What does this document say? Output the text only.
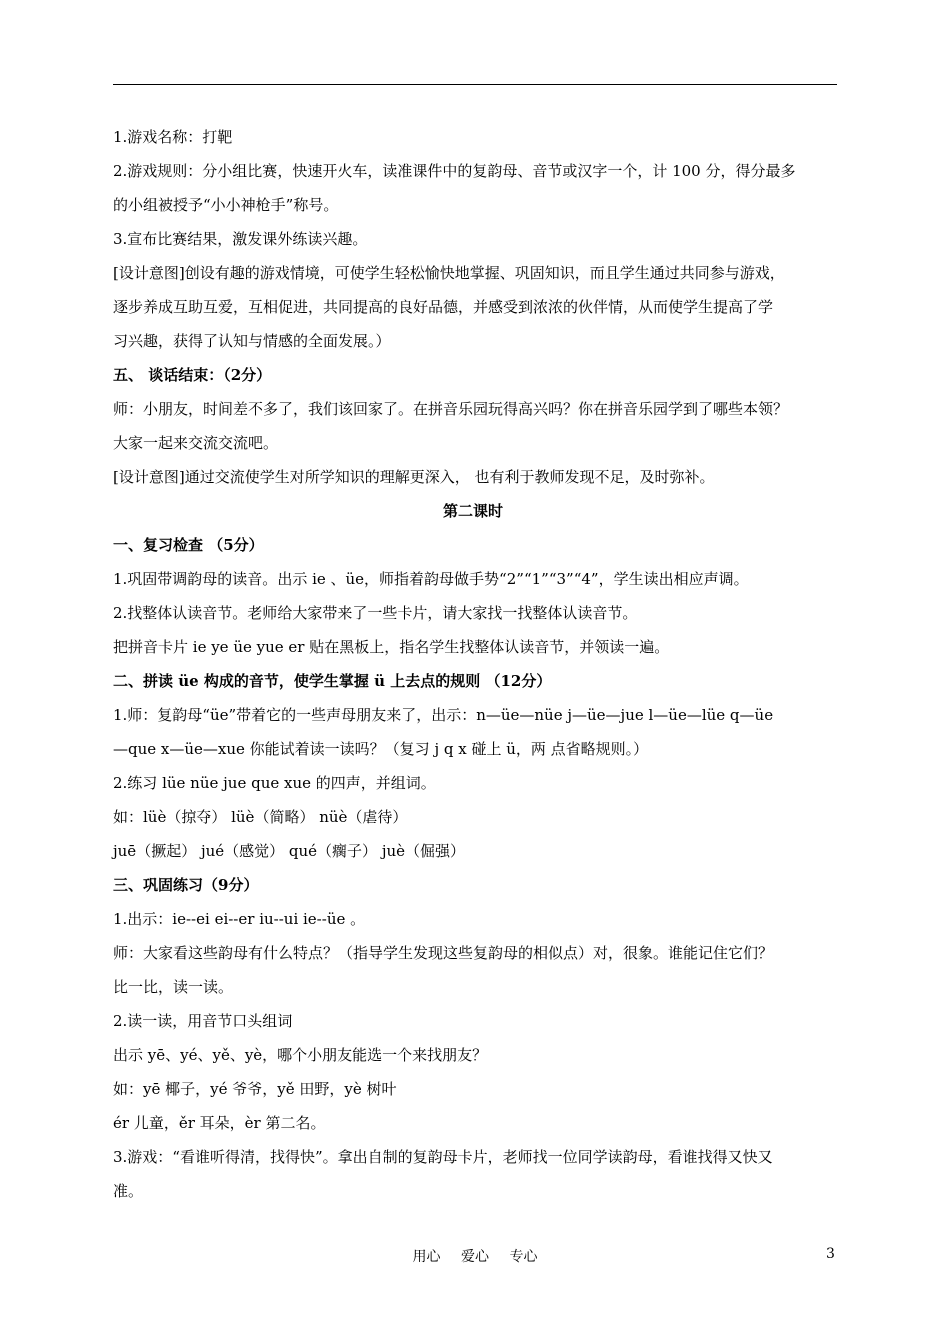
1.游戏名称：打靶
2.游戏规则：分小组比赛，快速开火车，读准课件中的复韵母、音节或汉字一个，计 100 分，得分最多
的小组被授予“小小神枪手”称号。
3.宣布比赛结果，激发课外练读兴趣。
[设计意图]创设有趣的游戏情境，可使学生轻松愉快地掌握、巩固知识，而且学生通过共同参与游戏，
逐步养成互助互爱，互相促进，共同提高的良好品德，并感受到浓浓的伙伴情，从而使学生提高了学
习兴趣，获得了认知与情感的全面发展。）
五、 谈话结束：（2分）
师：小朋友，时间差不多了，我们该回家了。在拼音乐园玩得高兴吗？你在拼音乐园学到了哪些本领？
大家一起来交流交流吧。
[设计意图]通过交流使学生对所学知识的理解更深入， 也有利于教师发现不足，及时弥补。
第二课时
一、复习检查 （5分）
1.巩固带调韵母的读音。出示 ie 、üe，师指着韵母做手势“2”“1”“3”“4”，学生读出相应声调。
2.找整体认读音节。老师给大家带来了一些卡片，请大家找一找整体认读音节。
把拼音卡片 ie ye üe yue er 贴在黑板上，指名学生找整体认读音节，并领读一遍。
二、拼读 üe 构成的音节，使学生掌握 ü 上去点的规则 （12分）
1.师：复韵母“üe”带着它的一些声母朋友来了，出示：n—üe—nüe j—üe—jue l—üe—lüe q—üe
—que x—üe—xue 你能试着读一读吗？（复习 j q x 碰上 ü，两 点省略规则。）
2.练习 lüe nüe jue que xue 的四声，并组词。
如：lüè（掠夺） lüè（简略） nüè（虐待）
juē（撅起） jué（感觉） qué（瘸子） juè（倔强）
三、巩固练习（9分）
1.出示：ie--ei ei--er iu--ui ie--üe 。
师：大家看这些韵母有什么特点？（指导学生发现这些复韵母的相似点）对，很象。谁能记住它们？
比一比，读一读。
2.读一读，用音节口头组词
出示 yē、yé、yě、yè，哪个小朋友能选一个来找朋友？
如：yē 椰子，yé 爷爷，yě 田野，yè 树叶
ér 儿童，ěr 耳朵，èr 第二名。
3.游戏：“看谁听得清，找得快”。拿出自制的复韵母卡片，老师找一位同学读韵母，看谁找得又快又
准。
用心 爱心 专心	3
